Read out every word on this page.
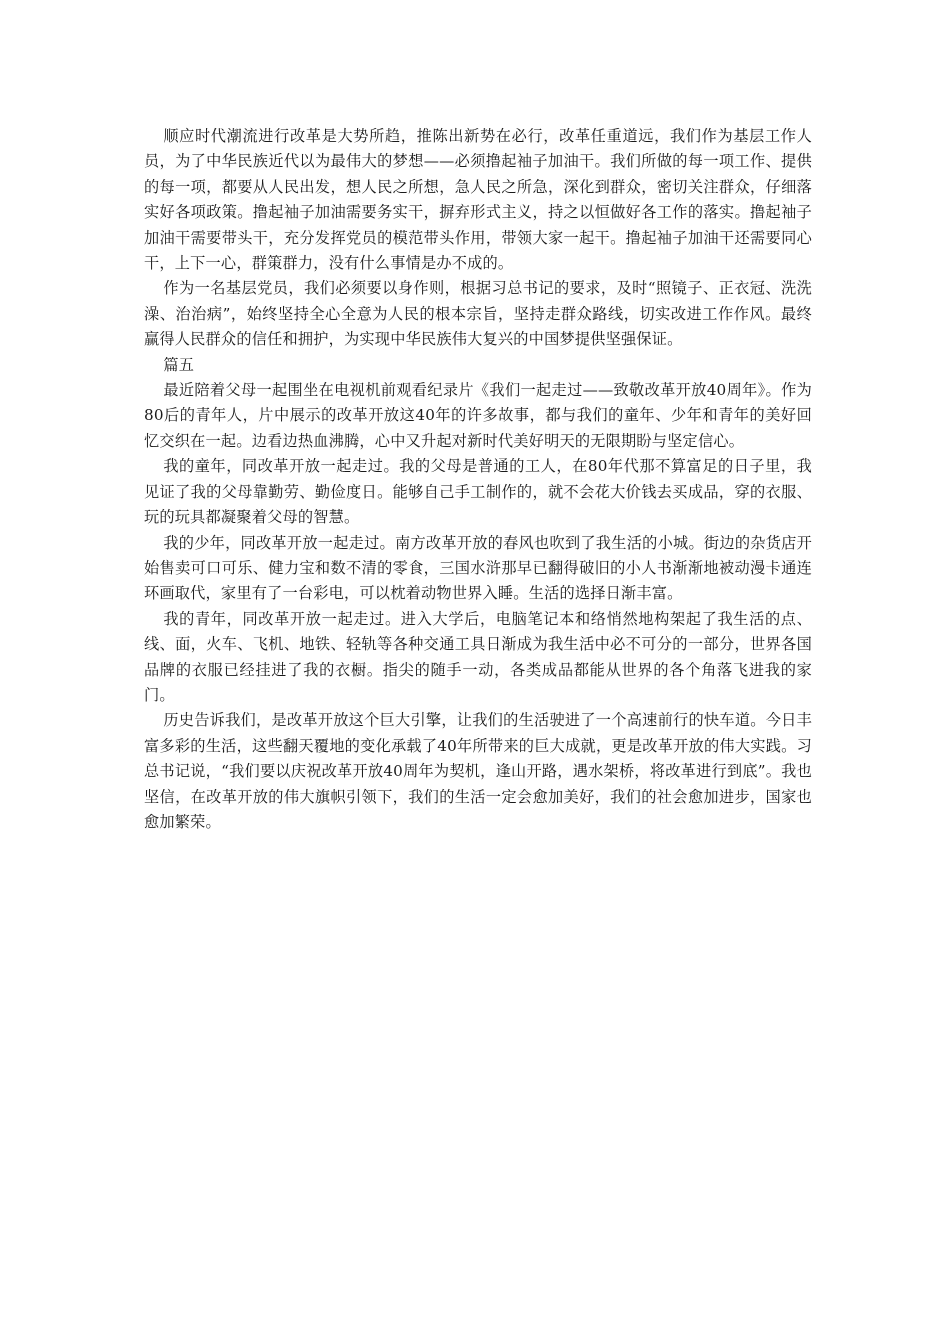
顺应时代潮流进行改革是大势所趋，推陈出新势在必行，改革任重道远，我们作为基层工作人员，为了中华民族近代以为最伟大的梦想——必须撸起袖子加油干。我们所做的每一项工作、提供的每一项，都要从人民出发，想人民之所想，急人民之所急，深化到群众，密切关注群众，仔细落实好各项政策。撸起袖子加油需要务实干，摒弃形式主义，持之以恒做好各工作的落实。撸起袖子加油干需要带头干，充分发挥党员的模范带头作用，带领大家一起干。撸起袖子加油干还需要同心干，上下一心，群策群力，没有什么事情是办不成的。

作为一名基层党员，我们必须要以身作则，根据习总书记的要求，及时“照镜子、正衣冠、洗洗澡、治治病”，始终坚持全心全意为人民的根本宗旨，坚持走群众路线，切实改进工作作风。最终赢得人民群众的信任和拥护，为实现中华民族伟大复兴的中国梦提供坚强保证。

篇五

最近陪着父母一起围坐在电视机前观看纪录片《我们一起走过——致敬改革开放40周年》。作为80后的青年人，片中展示的改革开放这40年的许多故事，都与我们的童年、少年和青年的美好回忆交织在一起。边看边热血沸腾，心中又升起对新时代美好明天的无限期盼与坚定信心。

我的童年，同改革开放一起走过。我的父母是普通的工人，在80年代那不算富足的日子里，我见证了我的父母靠勤劳、勤俭度日。能够自己手工制作的，就不会花大价钱去买成品，穿的衣服、玩的玩具都凝聚着父母的智慧。

我的少年，同改革开放一起走过。南方改革开放的春风也吹到了我生活的小城。街边的杂货店开始售卖可口可乐、健力宝和数不清的零食，三国水浒那早已翻得破旧的小人书渐渐地被动漫卡通连环画取代，家里有了一台彩电，可以枕着动物世界入睡。生活的选择日渐丰富。

我的青年，同改革开放一起走过。进入大学后，电脑笔记本和络悄然地构架起了我生活的点、线、面，火车、飞机、地铁、轻轨等各种交通工具日渐成为我生活中必不可分的一部分，世界各国品牌的衣服已经挂进了我的衣橱。指尖的随手一动，各类成品都能从世界的各个角落飞进我的家门。

历史告诉我们，是改革开放这个巨大引擎，让我们的生活驶进了一个高速前行的快车道。今日丰富多彩的生活，这些翻天覆地的变化承载了40年所带来的巨大成就，更是改革开放的伟大实践。习总书记说，“我们要以庆祝改革开放40周年为契机，逢山开路，遇水架桥，将改革进行到底”。我也坚信，在改革开放的伟大旗帜引领下，我们的生活一定会愈加美好，我们的社会愈加进步，国家也愈加繁荣。
